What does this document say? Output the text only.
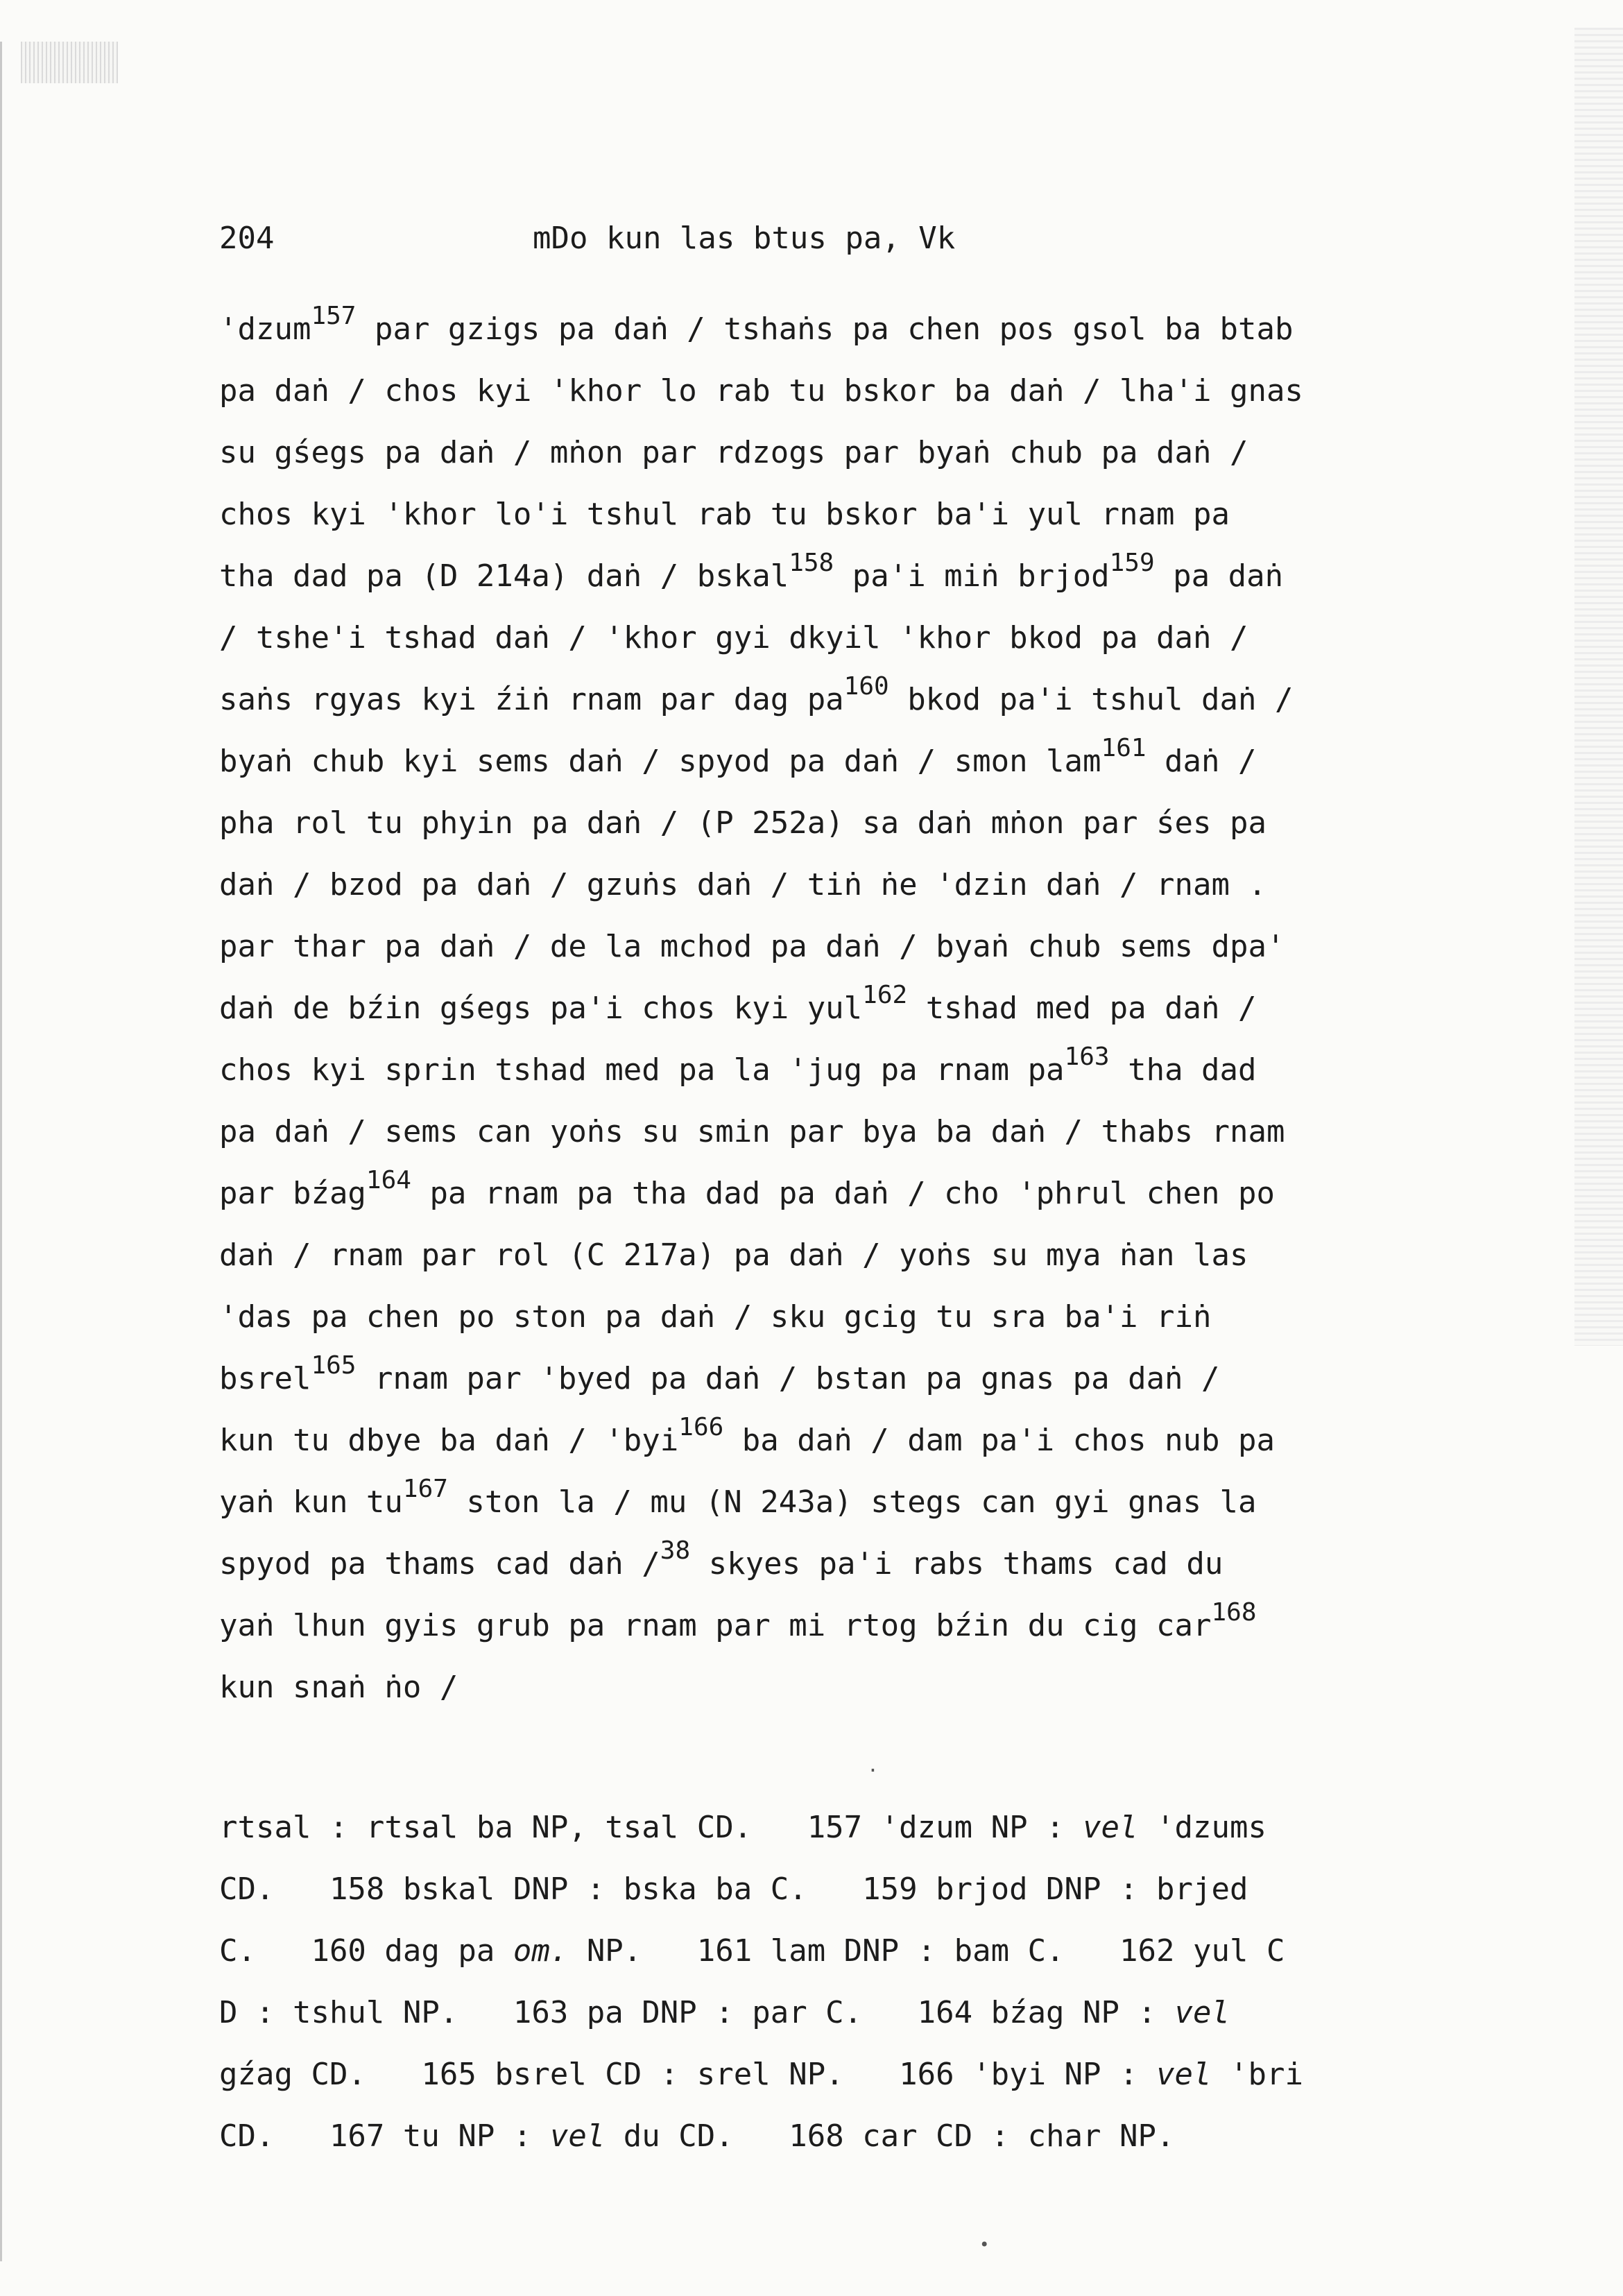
204	mDo kun las btus pa, Vk
'dzum$^{157}$ par gzigs pa daṅ / tshaṅs pa chen pos gsol ba btab
pa daṅ / chos kyi 'khor lo rab tu bskor ba daṅ / lha'i gnas
su gśegs pa daṅ / mṅon par rdzogs par byaṅ chub pa daṅ /
chos kyi 'khor lo'i tshul rab tu bskor ba'i yul rnam pa
tha dad pa (D 214a) daṅ / bskal$^{158}$ pa'i miṅ brjod$^{159}$ pa daṅ
/ tshe'i tshad daṅ / 'khor gyi dkyil 'khor bkod pa daṅ /
saṅs rgyas kyi źiṅ rnam par dag $pa^{160}$ bkod pa'i tshul daṅ /
byaṅ chub kyi sems daṅ / spyod pa daṅ / smon lam$^{161}$ daṅ /
pha rol tu phyin pa daṅ / (P 252a) sa daṅ mṅon par śes pa
daṅ / bzod pa daṅ / gzuṅs daṅ / tiṅ ṅe 'dzin daṅ / rnam .
par thar pa daṅ / de la mchod pa daṅ / byaṅ chub sems dpa'
daṅ de bźin gśegs pa'i chos kyi yul$^{162}$ tshad med pa daṅ /
chos kyi sprin tshad med pa la 'jug pa rnam $pa^{163}$ tha dad
pa daṅ / sems can yoṅs su smin par bya ba daṅ / thabs rnam
par bźag$^{164}$ pa rnam pa tha dad pa daṅ / cho 'phrul chen po
daṅ / rnam par rol (C 217a) pa daṅ / yoṅs su mya ṅan las
'das pa chen po ston pa daṅ / sku gcig tu sra ba'i riṅ
bsrel$^{165}$ rnam par 'byed pa daṅ / bstan pa gnas pa daṅ /
kun tu dbye ba daṅ / 'byi$^{166}$ ba daṅ / dam pa'i chos nub pa
yaṅ kun $tu^{167}$ ston la / mu (N 243a) stegs can gyi gnas la
spyod pa thams cad daṅ /$^{38}$ skyes pa'i rabs thams cad du
yaṅ lhun gyis grub pa rnam par mi rtog bźin du cig car$^{168}$
kun snaṅ ṅo /
.
rtsal : rtsal ba NP, tsal CD.   157 'dzum NP : vel 'dzums
CD.   158 bskal DNP : bska ba C.   159 brjod DNP : brjed
C.   160 dag pa om. NP.   161 lam DNP : bam C.   162 yul C
D : tshul NP.   163 pa DNP : par C.   164 bźag NP : vel
gźag CD.   165 bsrel CD : srel NP.   166 'byi NP : vel 'bri
CD.   167 tu NP : vel du CD.   168 car CD : char NP.
•
